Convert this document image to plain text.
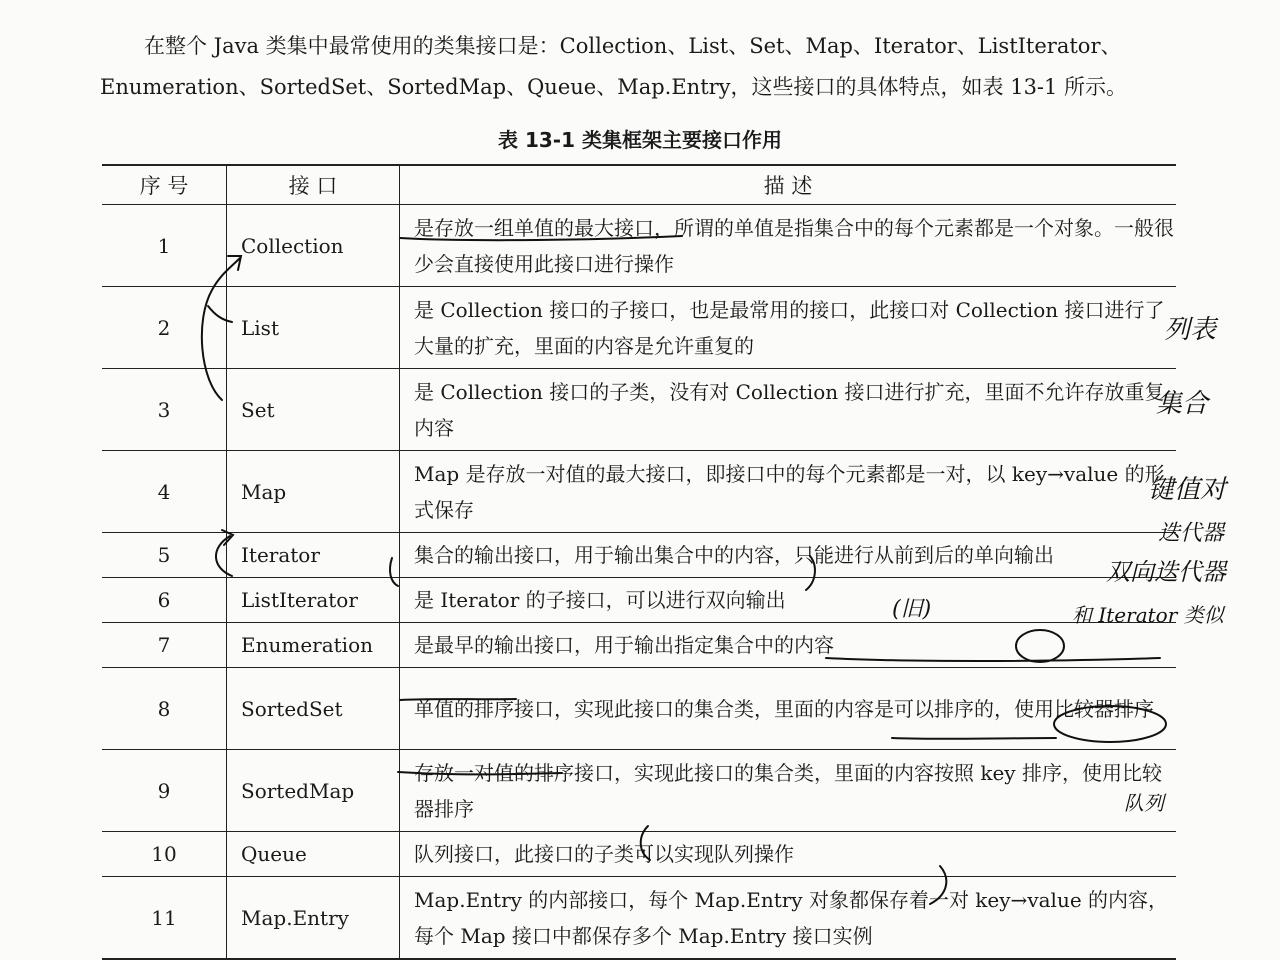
在整个 Java 类集中最常使用的类集接口是：Collection、List、Set、Map、Iterator、ListIterator、

Enumeration、SortedSet、SortedMap、Queue、Map.Entry，这些接口的具体特点，如表 13-1 所示。

表 13-1 类集框架主要接口作用
序 号	接 口	描 述
1	Collection	是存放一组单值的最大接口，所谓的单值是指集合中的每个元素都是一个对象。一般很少会直接使用此接口进行操作
2	List	是 Collection 接口的子接口，也是最常用的接口，此接口对 Collection 接口进行了大量的扩充，里面的内容是允许重复的
3	Set	是 Collection 接口的子类，没有对 Collection 接口进行扩充，里面不允许存放重复内容
4	Map	Map 是存放一对值的最大接口，即接口中的每个元素都是一对，以 key→value 的形式保存
5	Iterator	集合的输出接口，用于输出集合中的内容，只能进行从前到后的单向输出
6	ListIterator	是 Iterator 的子接口，可以进行双向输出
7	Enumeration	是最早的输出接口，用于输出指定集合中的内容
8	SortedSet	单值的排序接口，实现此接口的集合类，里面的内容是可以排序的，使用比较器排序
9	SortedMap	存放一对值的排序接口，实现此接口的集合类，里面的内容按照 key 排序，使用比较器排序
10	Queue	队列接口，此接口的子类可以实现队列操作
11	Map.Entry	Map.Entry 的内部接口，每个 Map.Entry 对象都保存着一对 key→value 的内容，每个 Map 接口中都保存多个 Map.Entry 接口实例
列表
集合
键值对
迭代器
双向迭代器
(旧)	和 Iterator 类似
队列
